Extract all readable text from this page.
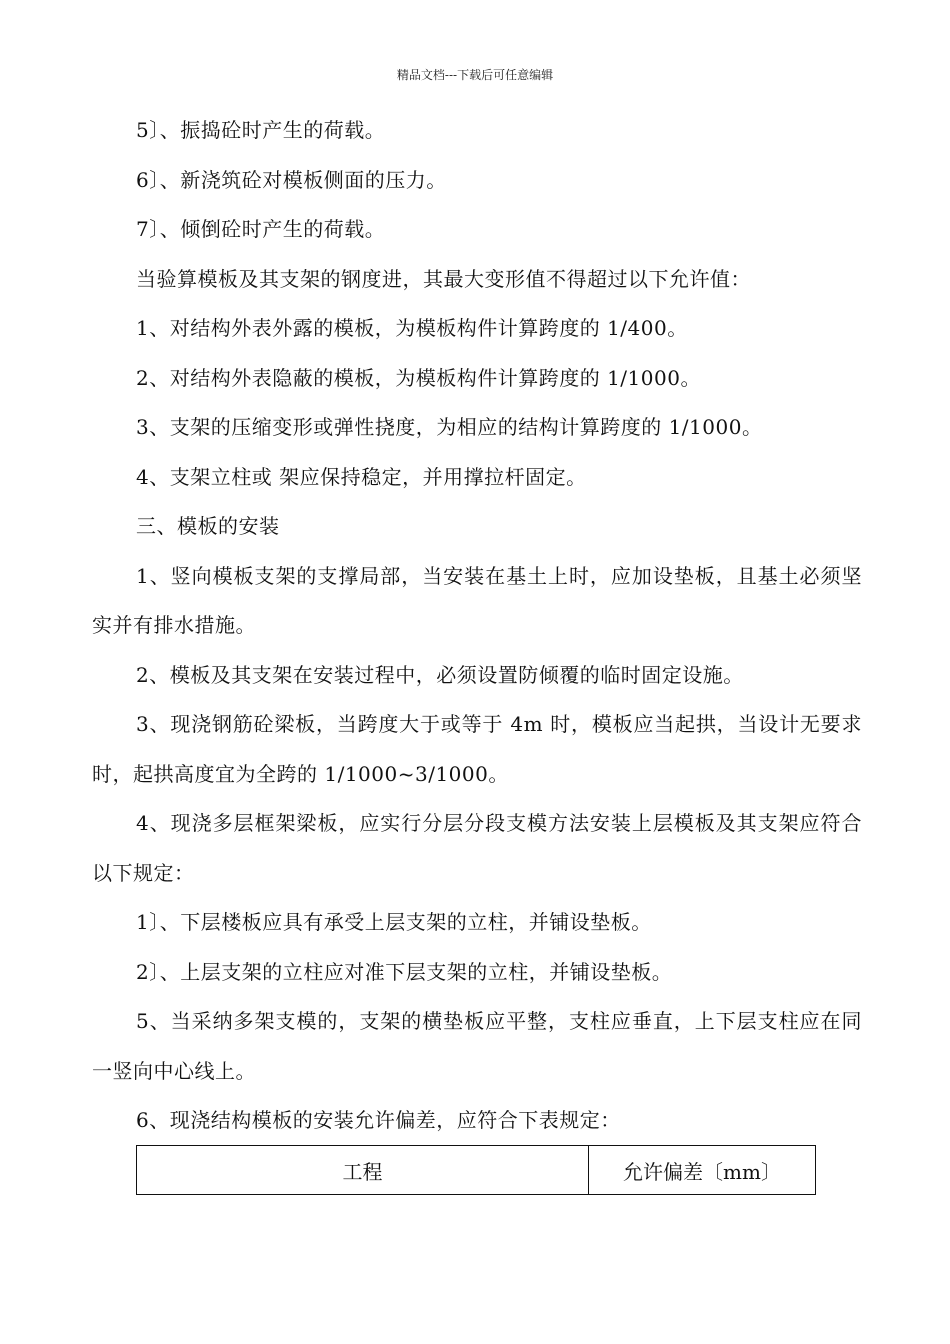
精品文档---下载后可任意编辑

5〕、振捣砼时产生的荷载。

6〕、新浇筑砼对模板侧面的压力。

7〕、倾倒砼时产生的荷载。

当验算模板及其支架的钢度进，其最大变形值不得超过以下允许值：

1、对结构外表外露的模板，为模板构件计算跨度的 1/400。

2、对结构外表隐蔽的模板，为模板构件计算跨度的 1/1000。

3、支架的压缩变形或弹性挠度，为相应的结构计算跨度的 1/1000。

4、支架立柱或 架应保持稳定，并用撑拉杆固定。

三、模板的安装

1、竖向模板支架的支撑局部，当安装在基土上时，应加设垫板，且基土必须坚实并有排水措施。

2、模板及其支架在安装过程中，必须设置防倾覆的临时固定设施。

3、现浇钢筋砼梁板，当跨度大于或等于 4m 时，模板应当起拱，当设计无要求时，起拱高度宜为全跨的 1/1000~3/1000。

4、现浇多层框架梁板，应实行分层分段支模方法安装上层模板及其支架应符合以下规定：

1〕、下层楼板应具有承受上层支架的立柱，并铺设垫板。

2〕、上层支架的立柱应对准下层支架的立柱，并铺设垫板。

5、当采纳多架支模的，支架的横垫板应平整，支柱应垂直，上下层支柱应在同一竖向中心线上。

6、现浇结构模板的安装允许偏差，应符合下表规定：

工程	允许偏差〔mm〕
